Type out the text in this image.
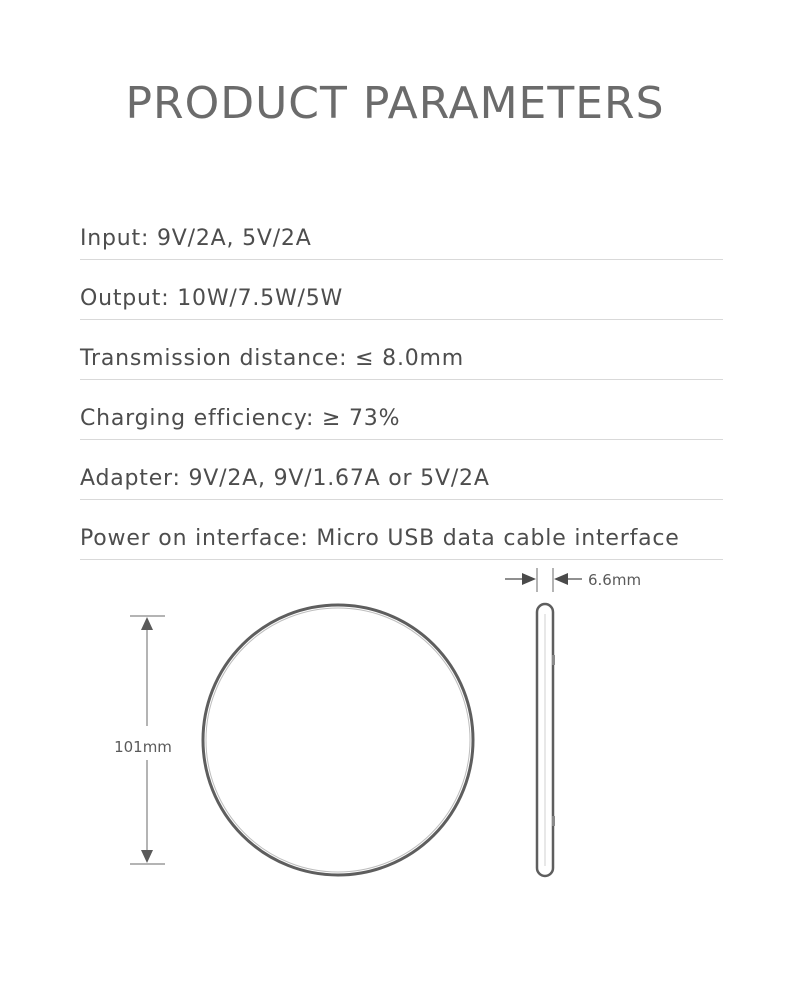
PRODUCT PARAMETERS
Input: 9V/2A, 5V/2A
Output: 10W/7.5W/5W
Transmission distance: ≤ 8.0mm
Charging efficiency: ≥ 73%
Adapter: 9V/2A, 9V/1.67A or 5V/2A
Power on interface: Micro USB data cable interface
101mm
6.6mm
